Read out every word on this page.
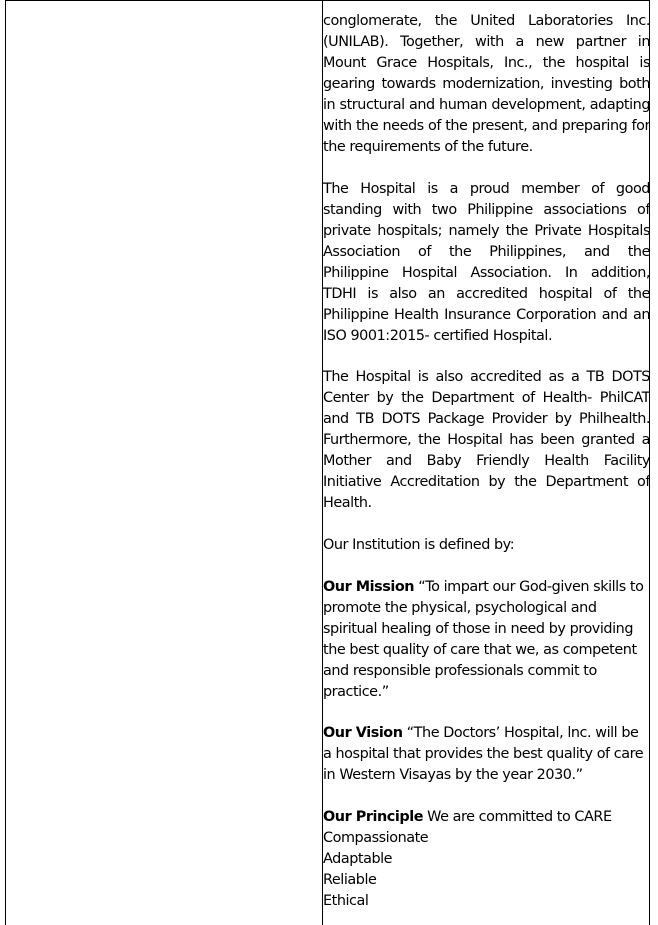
conglomerate, the United Laboratories Inc. (UNILAB). Together, with a new partner in Mount Grace Hospitals, Inc., the hospital is gearing towards modernization, investing both in structural and human development, adapting with the needs of the present, and preparing for the requirements of the future.

The Hospital is a proud member of good standing with two Philippine associations of private hospitals; namely the Private Hospitals Association of the Philippines, and the Philippine Hospital Association. In addition, TDHI is also an accredited hospital of the Philippine Health Insurance Corporation and an ISO 9001:2015- certified Hospital.

The Hospital is also accredited as a TB DOTS Center by the Department of Health- PhilCAT and TB DOTS Package Provider by Philhealth. Furthermore, the Hospital has been granted a Mother and Baby Friendly Health Facility Initiative Accreditation by the Department of Health.

Our Institution is defined by:

Our Mission “To impart our God-given skills to promote the physical, psychological and spiritual healing of those in need by providing the best quality of care that we, as competent and responsible professionals commit to practice.”

Our Vision “The Doctors’ Hospital, lnc. will be a hospital that provides the best quality of care in Western Visayas by the year 2030.”

Our Principle We are committed to CARE
Compassionate
Adaptable
Reliable
Ethical
